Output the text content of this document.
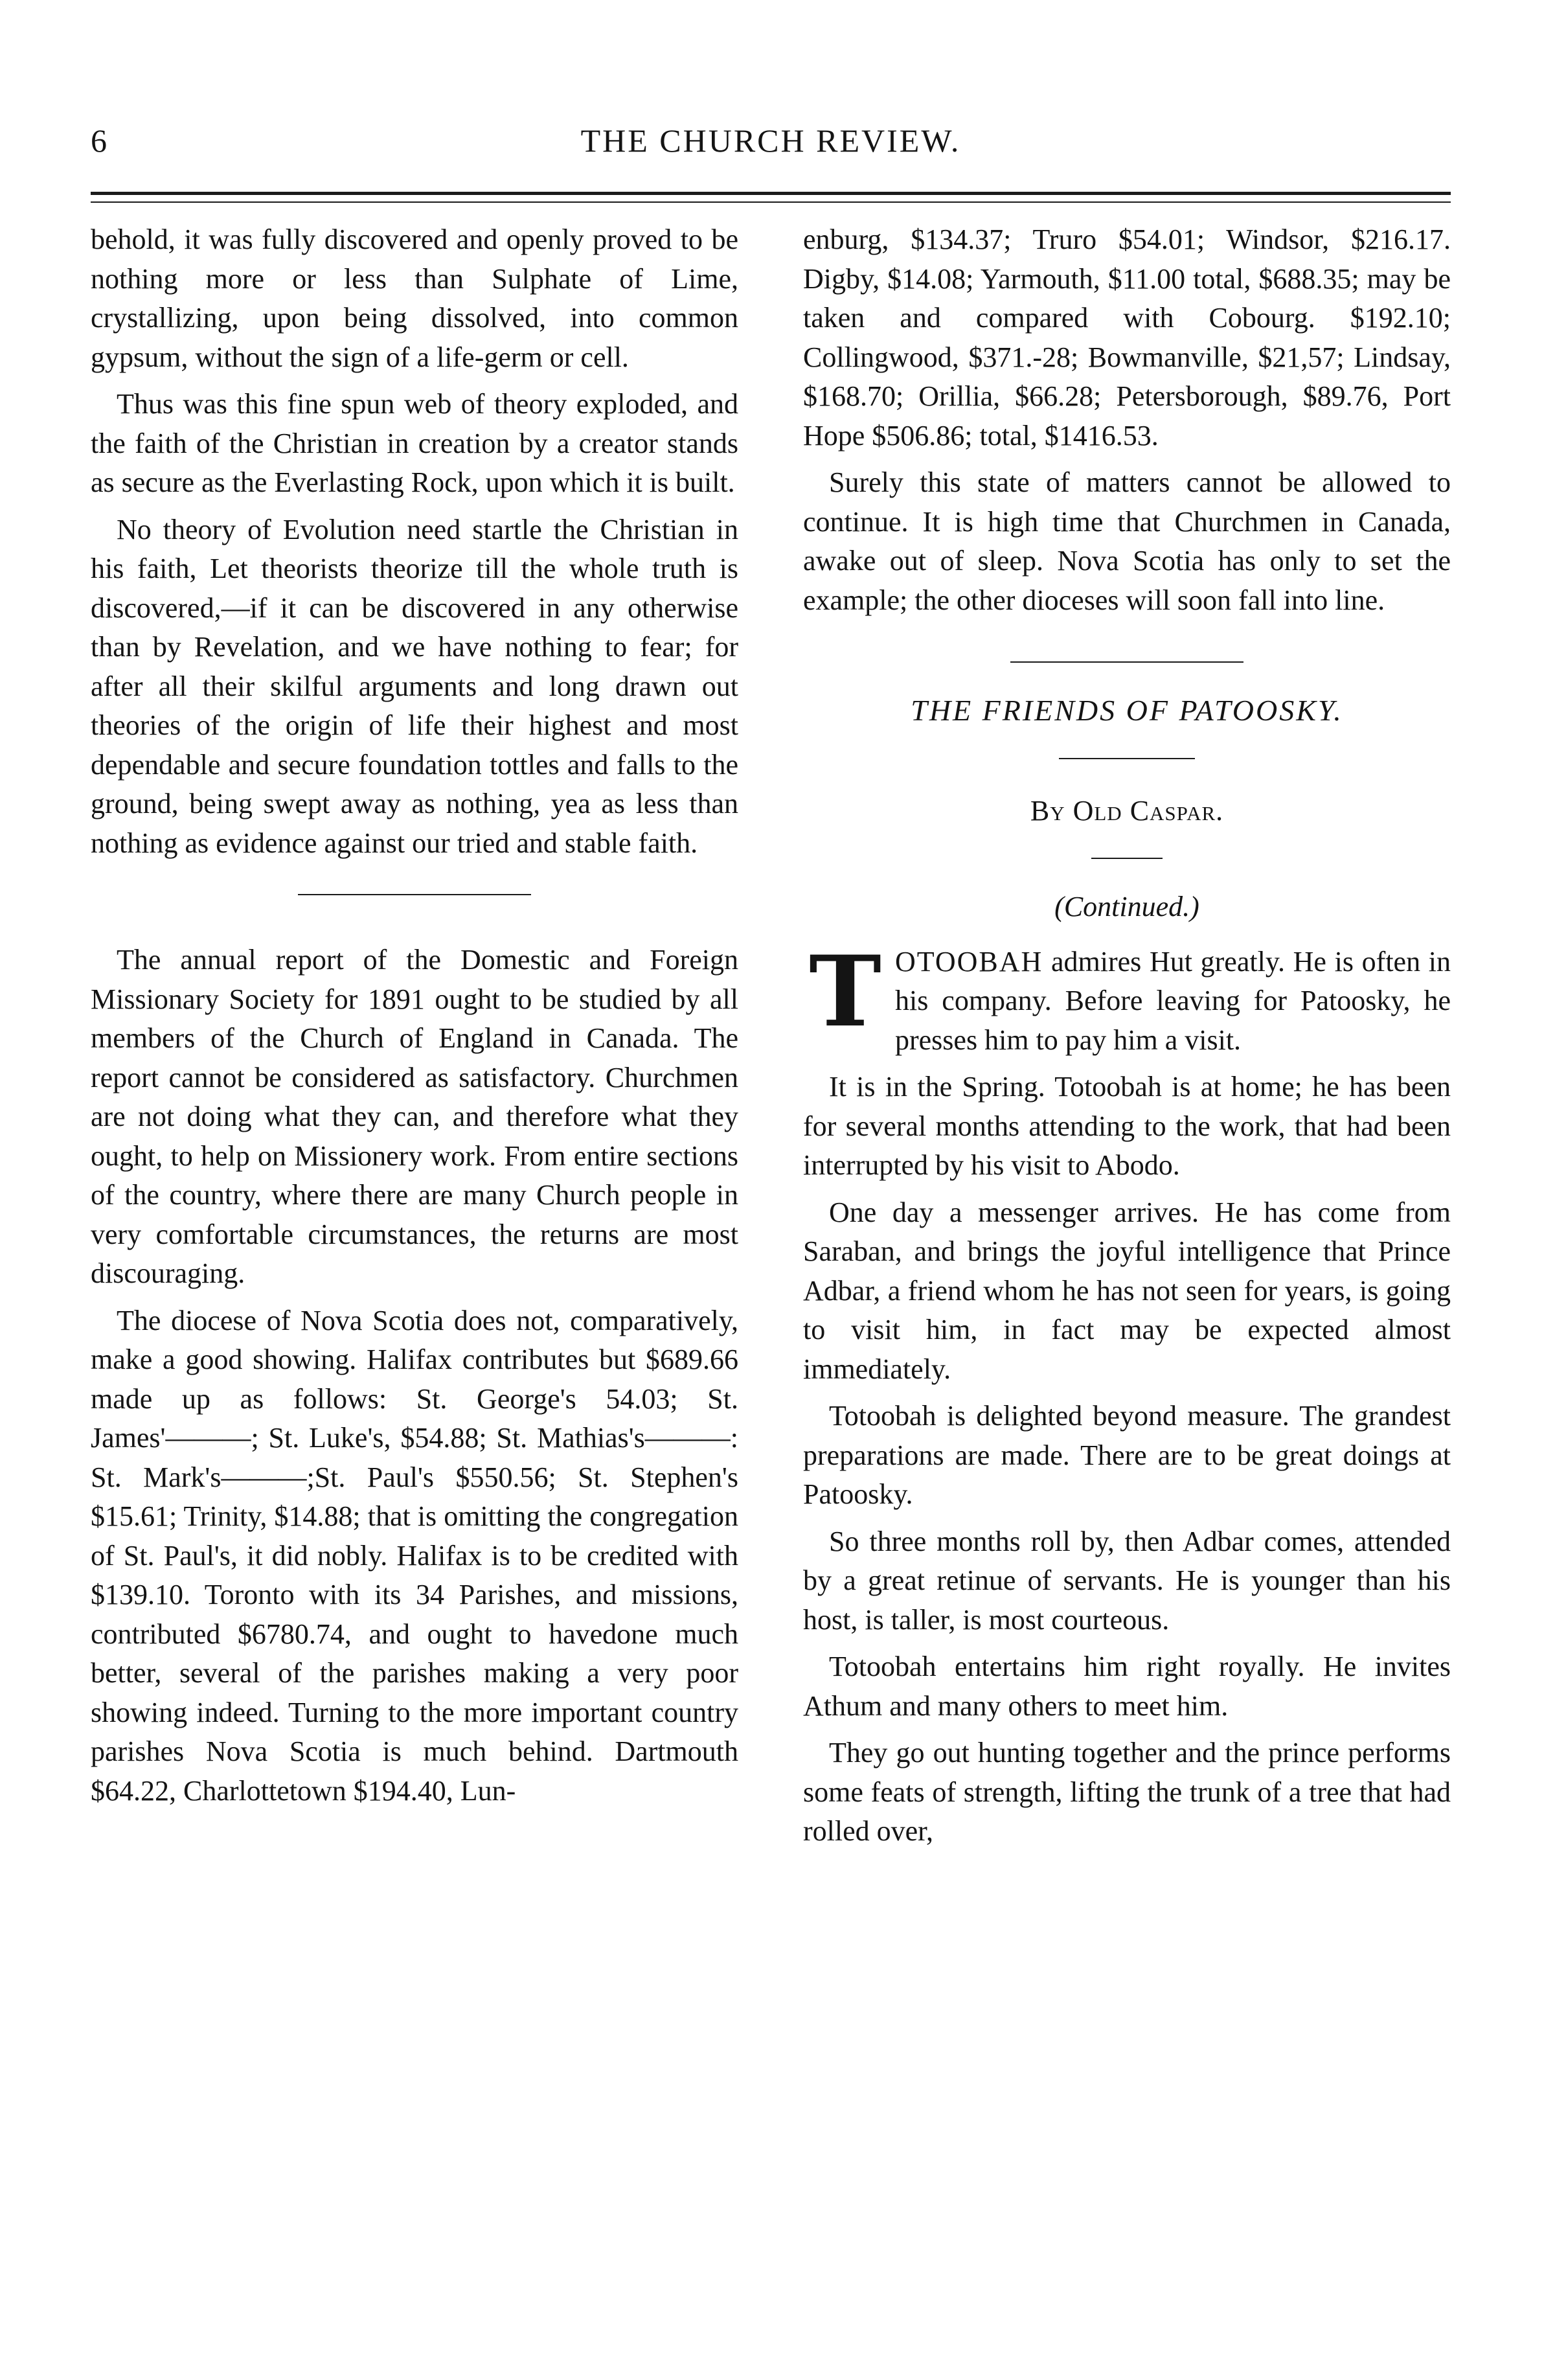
6	THE CHURCH REVIEW.

behold, it was fully discovered and openly proved to be nothing more or less than Sulphate of Lime, crystallizing, upon being dissolved, into common gypsum, without the sign of a life-germ or cell.

Thus was this fine spun web of theory exploded, and the faith of the Christian in creation by a creator stands as secure as the Everlasting Rock, upon which it is built.

No theory of Evolution need startle the Christian in his faith, Let theorists theorize till the whole truth is discovered,—if it can be discovered in any otherwise than by Revelation, and we have nothing to fear; for after all their skilful arguments and long drawn out theories of the origin of life their highest and most dependable and secure foundation tottles and falls to the ground, being swept away as nothing, yea as less than nothing as evidence against our tried and stable faith.

The annual report of the Domestic and Foreign Missionary Society for 1891 ought to be studied by all members of the Church of England in Canada. The report cannot be considered as satisfactory. Churchmen are not doing what they can, and therefore what they ought, to help on Missionery work. From entire sections of the country, where there are many Church people in very comfortable circumstances, the returns are most discouraging.

The diocese of Nova Scotia does not, comparatively, make a good showing. Halifax contributes but $689.66 made up as follows: St. George's 54.03; St. James'———; St. Luke's, $54.88; St. Mathias's———: St. Mark's———;St. Paul's $550.56; St. Stephen's $15.61; Trinity, $14.88; that is omitting the congregation of St. Paul's, it did nobly. Halifax is to be credited with $139.10. Toronto with its 34 Parishes, and missions, contributed $6780.74, and ought to havedone much better, several of the parishes making a very poor showing indeed. Turning to the more important country parishes Nova Scotia is much behind. Dartmouth $64.22, Charlottetown $194.40, Lun-

enburg, $134.37; Truro $54.01; Windsor, $216.17. Digby, $14.08; Yarmouth, $11.00 total, $688.35; may be taken and compared with Cobourg. $192.10; Collingwood, $371.-28; Bowmanville, $21,57; Lindsay, $168.70; Orillia, $66.28; Petersborough, $89.76, Port Hope $506.86; total, $1416.53.

Surely this state of matters cannot be allowed to continue. It is high time that Churchmen in Canada, awake out of sleep. Nova Scotia has only to set the example; the other dioceses will soon fall into line.

THE FRIENDS OF PATOOSKY.
By Old Caspar.
(Continued.)
T OTOOBAH admires Hut greatly. He is often in his company. Before leaving for Patoosky, he presses him to pay him a visit.

It is in the Spring. Totoobah is at home; he has been for several months attending to the work, that had been interrupted by his visit to Abodo.

One day a messenger arrives. He has come from Saraban, and brings the joyful intelligence that Prince Adbar, a friend whom he has not seen for years, is going to visit him, in fact may be expected almost immediately.

Totoobah is delighted beyond measure. The grandest preparations are made. There are to be great doings at Patoosky.

So three months roll by, then Adbar comes, attended by a great retinue of servants. He is younger than his host, is taller, is most courteous.

Totoobah entertains him right royally. He invites Athum and many others to meet him.

They go out hunting together and the prince performs some feats of strength, lifting the trunk of a tree that had rolled over,
